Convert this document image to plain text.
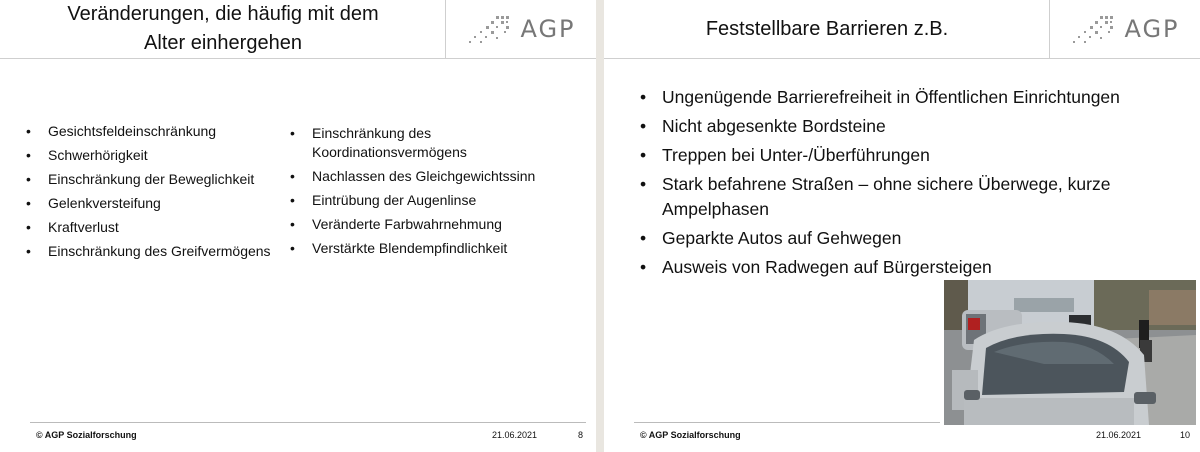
Veränderungen, die häufig mit dem
Alter einhergehen	AGP
• Gesichtsfeldeinschränkung
• Schwerhörigkeit
• Einschränkung der Beweglichkeit
• Gelenkversteifung
• Kraftverlust
• Einschränkung des Greifvermögens
• Einschränkung des Koordinationsvermögens
• Nachlassen des Gleichgewichtssinn
• Eintrübung der Augenlinse
• Veränderte Farbwahrnehmung
• Verstärkte Blendempfindlichkeit
© AGP Sozialforschung	21.06.2021	8
Feststellbare Barrieren z.B.	AGP
• Ungenügende Barrierefreiheit in Öffentlichen Einrichtungen
• Nicht abgesenkte Bordsteine
• Treppen bei Unter-/Überführungen
• Stark befahrene Straßen – ohne sichere Überwege, kurze Ampelphasen
• Geparkte Autos auf Gehwegen
• Ausweis von Radwegen auf Bürgersteigen
© AGP Sozialforschung	21.06.2021	10
